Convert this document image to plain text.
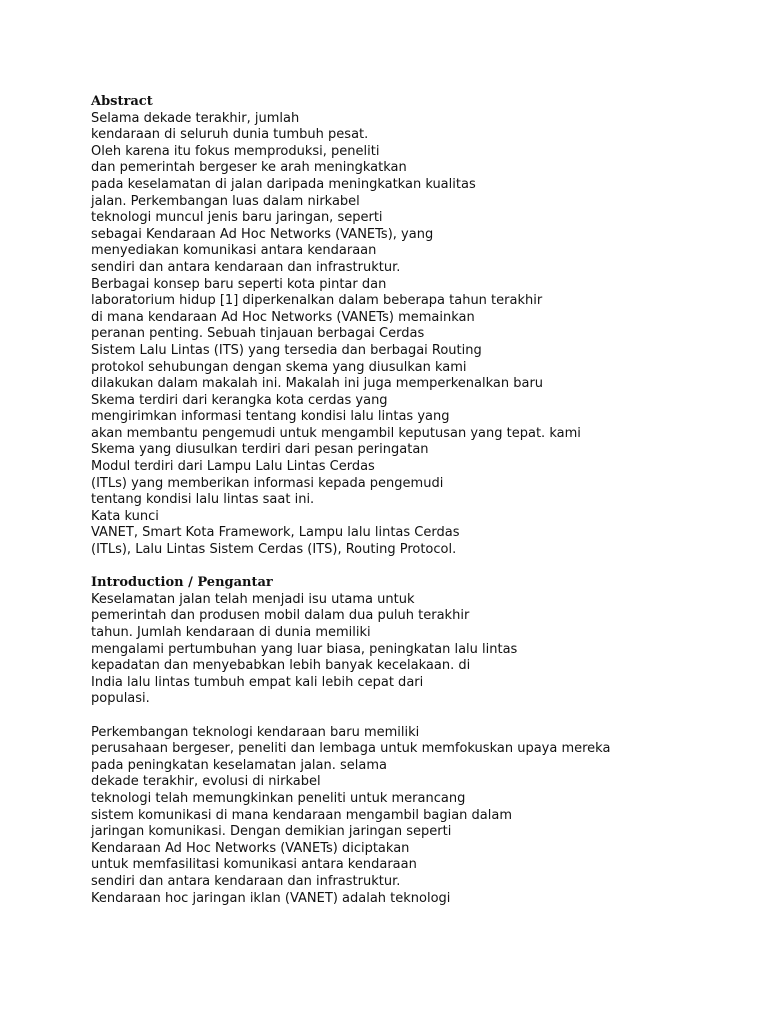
Abstract
Selama dekade terakhir, jumlah
kendaraan di seluruh dunia tumbuh pesat.
Oleh karena itu fokus memproduksi, peneliti
dan pemerintah bergeser ke arah meningkatkan
pada keselamatan di jalan daripada meningkatkan kualitas
jalan. Perkembangan luas dalam nirkabel
teknologi muncul jenis baru jaringan, seperti
sebagai Kendaraan Ad Hoc Networks (VANETs), yang
menyediakan komunikasi antara kendaraan
sendiri dan antara kendaraan dan infrastruktur.
Berbagai konsep baru seperti kota pintar dan
laboratorium hidup [1] diperkenalkan dalam beberapa tahun terakhir
di mana kendaraan Ad Hoc Networks (VANETs) memainkan
peranan penting. Sebuah tinjauan berbagai Cerdas
Sistem Lalu Lintas (ITS) yang tersedia dan berbagai Routing
protokol sehubungan dengan skema yang diusulkan kami
dilakukan dalam makalah ini. Makalah ini juga memperkenalkan baru
Skema terdiri dari kerangka kota cerdas yang
mengirimkan informasi tentang kondisi lalu lintas yang
akan membantu pengemudi untuk mengambil keputusan yang tepat. kami
Skema yang diusulkan terdiri dari pesan peringatan
Modul terdiri dari Lampu Lalu Lintas Cerdas
(ITLs) yang memberikan informasi kepada pengemudi
tentang kondisi lalu lintas saat ini.
Kata kunci
VANET, Smart Kota Framework, Lampu lalu lintas Cerdas
(ITLs), Lalu Lintas Sistem Cerdas (ITS), Routing Protocol.
Introduction / Pengantar
Keselamatan jalan telah menjadi isu utama untuk
pemerintah dan produsen mobil dalam dua puluh terakhir
tahun. Jumlah kendaraan di dunia memiliki
mengalami pertumbuhan yang luar biasa, peningkatan lalu lintas
kepadatan dan menyebabkan lebih banyak kecelakaan. di
India lalu lintas tumbuh empat kali lebih cepat dari
populasi.
Perkembangan teknologi kendaraan baru memiliki
perusahaan bergeser, peneliti dan lembaga untuk memfokuskan upaya mereka
pada peningkatan keselamatan jalan. selama
dekade terakhir, evolusi di nirkabel
teknologi telah memungkinkan peneliti untuk merancang
sistem komunikasi di mana kendaraan mengambil bagian dalam
jaringan komunikasi. Dengan demikian jaringan seperti
Kendaraan Ad Hoc Networks (VANETs) diciptakan
untuk memfasilitasi komunikasi antara kendaraan
sendiri dan antara kendaraan dan infrastruktur.
Kendaraan hoc jaringan iklan (VANET) adalah teknologi
